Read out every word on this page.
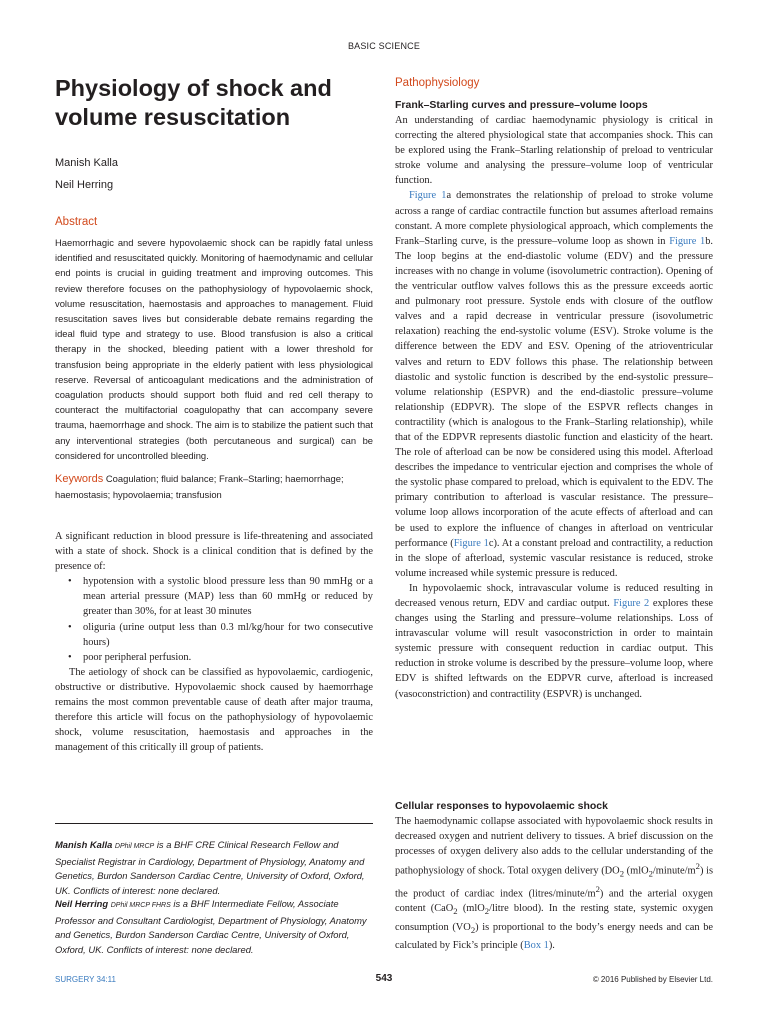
BASIC SCIENCE
Physiology of shock and
volume resuscitation
Manish Kalla
Neil Herring
Abstract
Haemorrhagic and severe hypovolaemic shock can be rapidly fatal unless identified and resuscitated quickly. Monitoring of haemodynamic and cellular end points is crucial in guiding treatment and improving outcomes. This review therefore focuses on the pathophysiology of hypovolaemic shock, volume resuscitation, haemostasis and approaches to management. Fluid resuscitation saves lives but considerable debate remains regarding the ideal fluid type and strategy to use. Blood transfusion is also a critical therapy in the shocked, bleeding patient with a lower threshold for transfusion being appropriate in the elderly patient with less physiological reserve. Reversal of anticoagulant medications and the administration of coagulation products should support both fluid and red cell therapy to counteract the multifactorial coagulopathy that can accompany severe trauma, haemorrhage and shock. The aim is to stabilize the patient such that any interventional strategies (both percutaneous and surgical) can be considered for uncontrolled bleeding.
Keywords Coagulation; fluid balance; Frank–Starling; haemorrhage; haemostasis; hypovolaemia; transfusion

A significant reduction in blood pressure is life-threatening and associated with a state of shock. Shock is a clinical condition that is defined by the presence of:

• hypotension with a systolic blood pressure less than 90 mmHg or a mean arterial pressure (MAP) less than 60 mmHg or reduced by greater than 30%, for at least 30 minutes
• oliguria (urine output less than 0.3 ml/kg/hour for two consecutive hours)
• poor peripheral perfusion.

The aetiology of shock can be classified as hypovolaemic, cardiogenic, obstructive or distributive. Hypovolaemic shock caused by haemorrhage remains the most common preventable cause of death after major trauma, therefore this article will focus on the pathophysiology of hypovolaemic shock, volume resuscitation, haemostasis and approaches in the management of this critically ill group of patients.

Manish Kalla DPhil MRCP is a BHF CRE Clinical Research Fellow and Specialist Registrar in Cardiology, Department of Physiology, Anatomy and Genetics, Burdon Sanderson Cardiac Centre, University of Oxford, Oxford, UK. Conflicts of interest: none declared.
Neil Herring DPhil MRCP FHRS is a BHF Intermediate Fellow, Associate Professor and Consultant Cardiologist, Department of Physiology, Anatomy and Genetics, Burdon Sanderson Cardiac Centre, University of Oxford, Oxford, UK. Conflicts of interest: none declared.
Pathophysiology
Frank–Starling curves and pressure–volume loops

An understanding of cardiac haemodynamic physiology is critical in correcting the altered physiological state that accompanies shock. This can be explored using the Frank–Starling relationship of preload to ventricular stroke volume and analysing the pressure–volume loop of ventricular function.

Figure 1a demonstrates the relationship of preload to stroke volume across a range of cardiac contractile function but assumes afterload remains constant. A more complete physiological approach, which complements the Frank–Starling curve, is the pressure–volume loop as shown in Figure 1b. The loop begins at the end-diastolic volume (EDV) and the pressure increases with no change in volume (isovolumetric contraction). Opening of the ventricular outflow valves follows this as the pressure exceeds aortic and pulmonary root pressure. Systole ends with closure of the outflow valves and a rapid decrease in ventricular pressure (isovolumetric relaxation) reaching the end-systolic volume (ESV). Stroke volume is the difference between the EDV and ESV. Opening of the atrioventricular valves and return to EDV follows this phase. The relationship between diastolic and systolic function is described by the end-systolic pressure–volume relationship (ESPVR) and the end-diastolic pressure–volume relationship (EDPVR). The slope of the ESPVR reflects changes in contractility (which is analogous to the Frank–Starling relationship), while that of the EDPVR represents diastolic function and elasticity of the heart. The role of afterload can be now be considered using this model. Afterload describes the impedance to ventricular ejection and comprises the whole of the systolic phase compared to preload, which is equivalent to the EDV. The primary contribution to afterload is vascular resistance. The pressure–volume loop allows incorporation of the acute effects of afterload and can be used to explore the influence of changes in afterload on ventricular performance (Figure 1c). At a constant preload and contractility, a reduction in the slope of afterload, systemic vascular resistance is reduced, stroke volume increased while systemic pressure is reduced.

In hypovolaemic shock, intravascular volume is reduced resulting in decreased venous return, EDV and cardiac output. Figure 2 explores these changes using the Starling and pressure–volume relationships. Loss of intravascular volume will result vasoconstriction in order to maintain systemic pressure with consequent reduction in cardiac output. This reduction in stroke volume is described by the pressure–volume loop, where EDV is shifted leftwards on the EDPVR curve, afterload is increased (vasoconstriction) and contractility (ESPVR) is unchanged.

Cellular responses to hypovolaemic shock

The haemodynamic collapse associated with hypovolaemic shock results in decreased oxygen and nutrient delivery to tissues. A brief discussion on the processes of oxygen delivery also adds to the cellular understanding of the pathophysiology of shock. Total oxygen delivery ($DO_2$ $(mlO_2/minute/m^2)$ is the product of cardiac index $(litres/minute/m^2)$ and the arterial oxygen content (CaO$_2$ (mlO$_2$/litre blood). In the resting state, systemic oxygen consumption $(VO_2)$ is proportional to the body’s energy needs and can be calculated by Fick’s principle (Box 1).

SURGERY 34:11	543	© 2016 Published by Elsevier Ltd.
